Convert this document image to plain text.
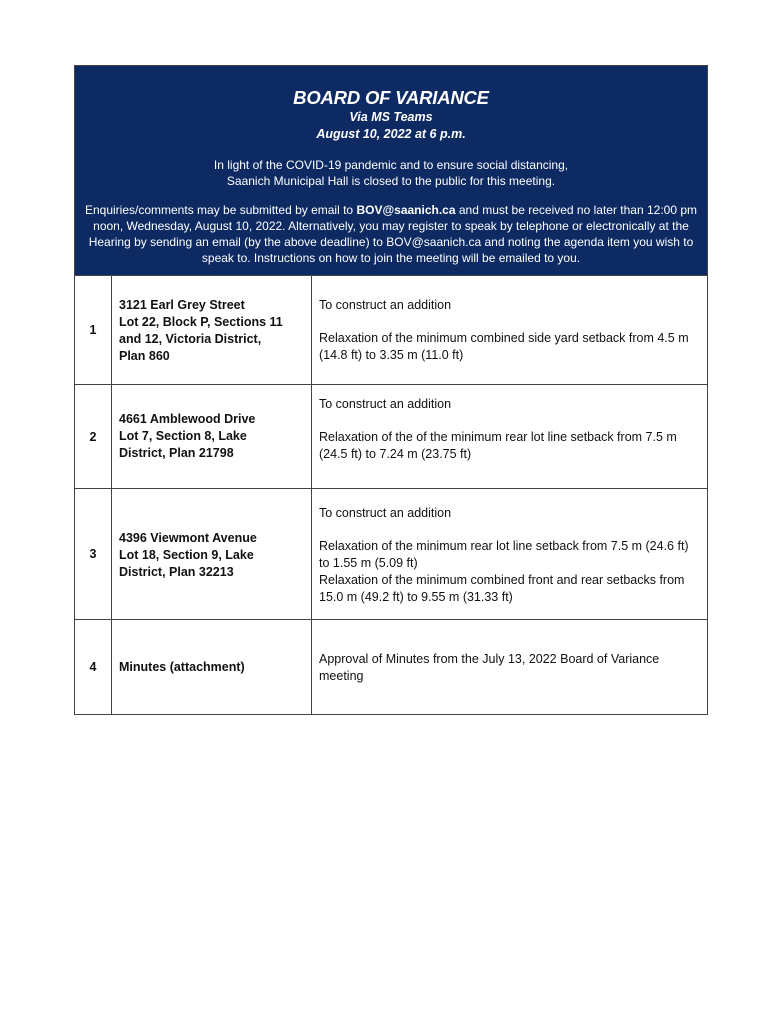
BOARD OF VARIANCE
Via MS Teams
August 10, 2022 at 6 p.m.
In light of the COVID-19 pandemic and to ensure social distancing,
Saanich Municipal Hall is closed to the public for this meeting.
Enquiries/comments may be submitted by email to BOV@saanich.ca and must be received no later than 12:00 pm noon, Wednesday, August 10, 2022. Alternatively, you may register to speak by telephone or electronically at the Hearing by sending an email (by the above deadline) to BOV@saanich.ca and noting the agenda item you wish to speak to. Instructions on how to join the meeting will be emailed to you.
1
3121 Earl Grey Street
Lot 22, Block P, Sections 11
and 12, Victoria District,
Plan 860
To construct an addition
Relaxation of the minimum combined side yard setback from 4.5 m (14.8 ft) to 3.35 m (11.0 ft)
2
4661 Amblewood Drive
Lot 7, Section 8, Lake
District, Plan 21798
To construct an addition
Relaxation of the of the minimum rear lot line setback from 7.5 m (24.5 ft) to 7.24 m (23.75 ft)
3
4396 Viewmont Avenue
Lot 18, Section 9, Lake
District, Plan 32213
To construct an addition
Relaxation of the minimum rear lot line setback from 7.5 m (24.6 ft) to 1.55 m (5.09 ft)
Relaxation of the minimum combined front and rear setbacks from 15.0 m (49.2 ft) to 9.55 m (31.33 ft)
4	Minutes (attachment)
Approval of Minutes from the July 13, 2022 Board of Variance meeting
